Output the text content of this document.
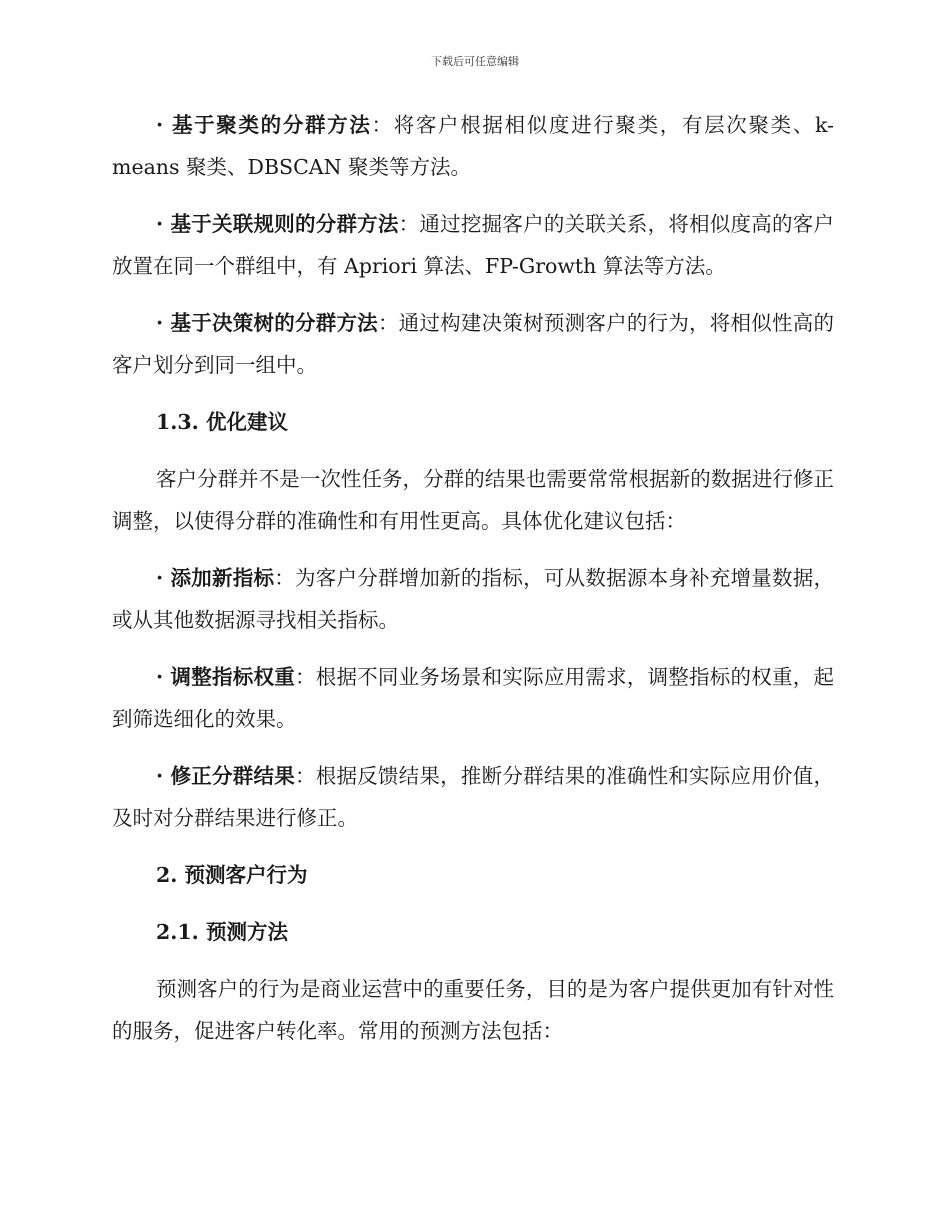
下载后可任意编辑

· 基于聚类的分群方法：将客户根据相似度进行聚类，有层次聚类、k-means 聚类、DBSCAN 聚类等方法。

· 基于关联规则的分群方法：通过挖掘客户的关联关系，将相似度高的客户放置在同一个群组中，有 Apriori 算法、FP-Growth 算法等方法。

· 基于决策树的分群方法：通过构建决策树预测客户的行为，将相似性高的客户划分到同一组中。

1.3. 优化建议

客户分群并不是一次性任务，分群的结果也需要常常根据新的数据进行修正调整，以使得分群的准确性和有用性更高。具体优化建议包括：

· 添加新指标：为客户分群增加新的指标，可从数据源本身补充增量数据，或从其他数据源寻找相关指标。

· 调整指标权重：根据不同业务场景和实际应用需求，调整指标的权重，起到筛选细化的效果。

· 修正分群结果：根据反馈结果，推断分群结果的准确性和实际应用价值，及时对分群结果进行修正。

2. 预测客户行为
2.1. 预测方法

预测客户的行为是商业运营中的重要任务，目的是为客户提供更加有针对性的服务，促进客户转化率。常用的预测方法包括：
